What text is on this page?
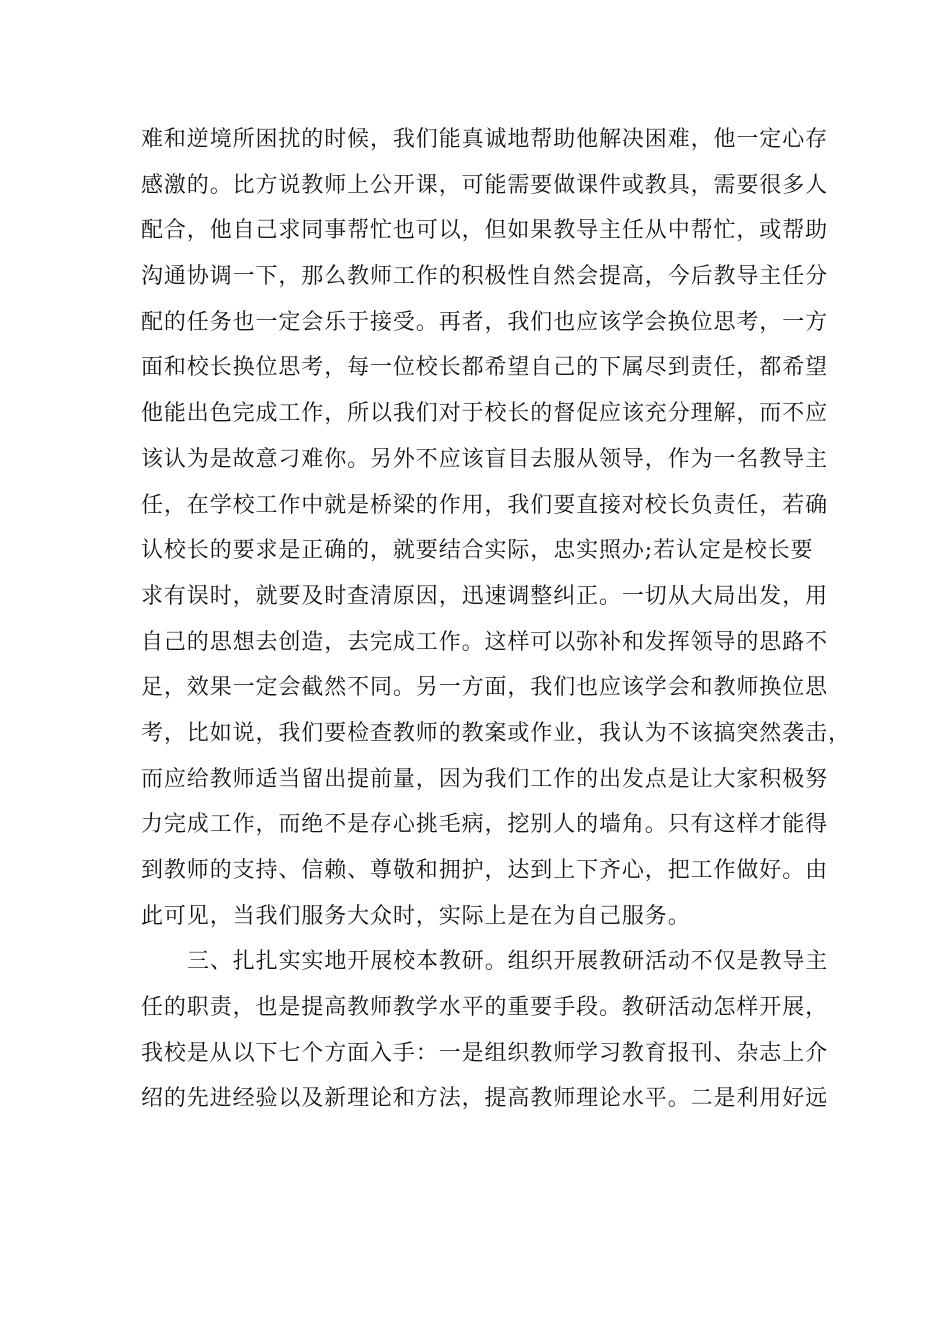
难和逆境所困扰的时候，我们能真诚地帮助他解决困难，他一定心存
感激的。比方说教师上公开课，可能需要做课件或教具，需要很多人
配合，他自己求同事帮忙也可以，但如果教导主任从中帮忙，或帮助
沟通协调一下，那么教师工作的积极性自然会提高，今后教导主任分
配的任务也一定会乐于接受。再者，我们也应该学会换位思考，一方
面和校长换位思考，每一位校长都希望自己的下属尽到责任，都希望
他能出色完成工作，所以我们对于校长的督促应该充分理解，而不应
该认为是故意刁难你。另外不应该盲目去服从领导，作为一名教导主
任，在学校工作中就是桥梁的作用，我们要直接对校长负责任，若确
认校长的要求是正确的，就要结合实际，忠实照办;若认定是校长要
求有误时，就要及时查清原因，迅速调整纠正。一切从大局出发，用
自己的思想去创造，去完成工作。这样可以弥补和发挥领导的思路不
足，效果一定会截然不同。另一方面，我们也应该学会和教师换位思
考，比如说，我们要检查教师的教案或作业，我认为不该搞突然袭击，
而应给教师适当留出提前量，因为我们工作的出发点是让大家积极努
力完成工作，而绝不是存心挑毛病，挖别人的墙角。只有这样才能得
到教师的支持、信赖、尊敬和拥护，达到上下齐心，把工作做好。由
此可见，当我们服务大众时，实际上是在为自己服务。
三、扎扎实实地开展校本教研。组织开展教研活动不仅是教导主
任的职责，也是提高教师教学水平的重要手段。教研活动怎样开展，
我校是从以下七个方面入手：一是组织教师学习教育报刊、杂志上介
绍的先进经验以及新理论和方法，提高教师理论水平。二是利用好远
